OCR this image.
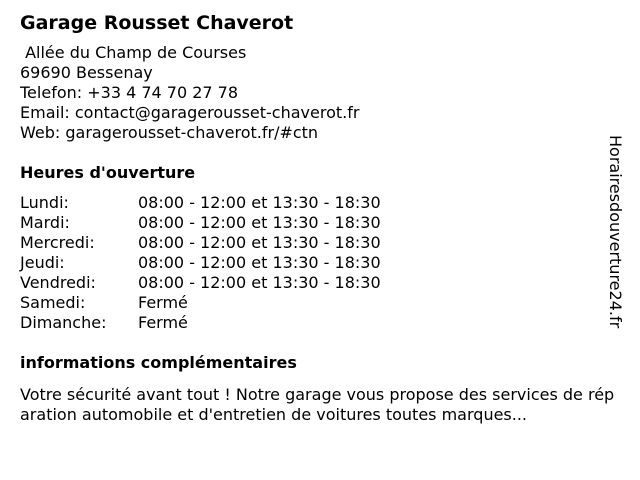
Garage Rousset Chaverot
Allée du Champ de Courses
69690 Bessenay
Telefon: +33 4 74 70 27 78
Email: contact@garagerousset-chaverot.fr
Web: garagerousset-chaverot.fr/#ctn
Heures d'ouverture
Lundi:	08:00 - 12:00 et 13:30 - 18:30
Mardi:	08:00 - 12:00 et 13:30 - 18:30
Mercredi:	08:00 - 12:00 et 13:30 - 18:30
Jeudi:	08:00 - 12:00 et 13:30 - 18:30
Vendredi:	08:00 - 12:00 et 13:30 - 18:30
Samedi:	Fermé
Dimanche:	Fermé
informations complémentaires
Votre sécurité avant tout ! Notre garage vous propose des services de réparation automobile et d'entretien de voitures toutes marques...
Horairesdouverture24.fr
